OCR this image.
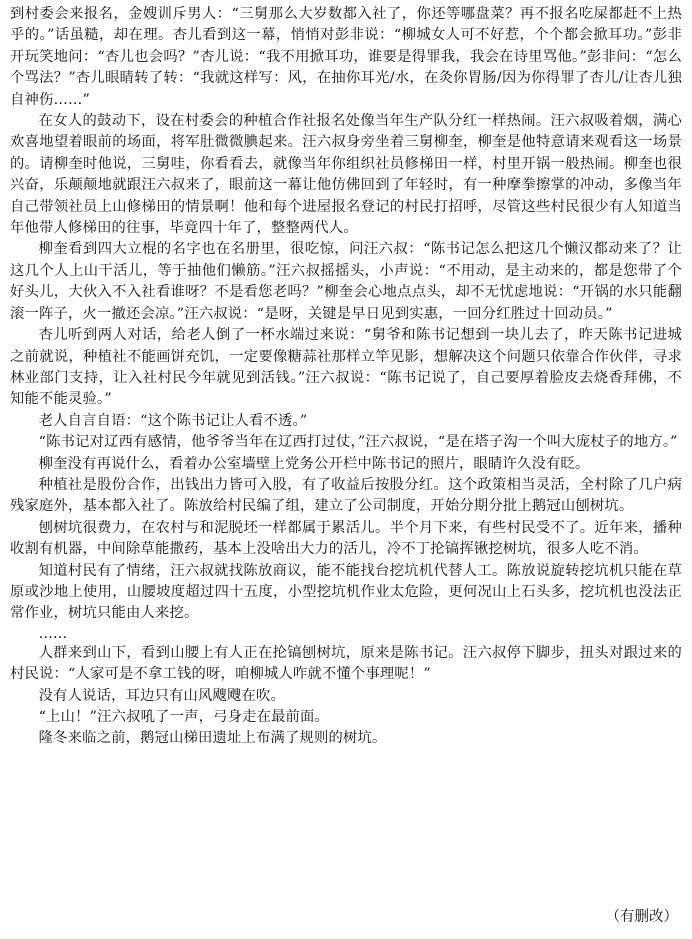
到村委会来报名，金嫂训斥男人：“三舅那么大岁数都入社了，你还等哪盘菜？再不报名吃屎都赶不上热乎的。”话虽糙，却在理。杏儿看到这一幕，悄悄对彭非说：“柳城女人可不好惹，个个都会掀耳功。”彭非开玩笑地问：“杏儿也会吗？”杏儿说：“我不用掀耳功，谁要是得罪我，我会在诗里骂他。”彭非问：“怎么个骂法？”杏儿眼睛转了转：“我就这样写：风，在抽你耳光/水，在灸你胃肠/因为你得罪了杏儿/让杏儿独自神伤……”

在女人的鼓动下，设在村委会的种植合作社报名处像当年生产队分红一样热闹。汪六叔吸着烟，满心欢喜地望着眼前的场面，将军肚微微腆起来。汪六叔身旁坐着三舅柳奎，柳奎是他特意请来观看这一场景的。请柳奎时他说，三舅哇，你看看去，就像当年你组织社员修梯田一样，村里开锅一般热闹。柳奎也很兴奋，乐颠颠地就跟汪六叔来了，眼前这一幕让他仿佛回到了年轻时，有一种摩拳擦掌的冲动，多像当年自己带领社员上山修梯田的情景啊！他和每个进屋报名登记的村民打招呼，尽管这些村民很少有人知道当年他带人修梯田的往事，毕竟四十年了，整整两代人。

柳奎看到四大立棍的名字也在名册里，很吃惊，问汪六叔：“陈书记怎么把这几个懒汉都动来了？让这几个人上山干活儿，等于抽他们懒筋。”汪六叔摇摇头，小声说：“不用动，是主动来的，都是您带了个好头儿，大伙入不入社看谁呀？不是看您老吗？”柳奎会心地点点头，却不无忧虑地说：“开锅的水只能翻滚一阵子，火一撤还会凉。”汪六叔说：“是呀，关键是早日见到实惠，一回分红胜过十回动员。”

杏儿听到两人对话，给老人倒了一杯水端过来说：“舅爷和陈书记想到一块儿去了，昨天陈书记进城之前就说，种植社不能画饼充饥，一定要像糖蒜社那样立竿见影，想解决这个问题只依靠合作伙伴，寻求林业部门支持，让入社村民今年就见到活钱。”汪六叔说：“陈书记说了，自己要厚着脸皮去烧香拜佛，不知能不能灵验。”

老人自言自语：“这个陈书记让人看不透。”

“陈书记对辽西有感情，他爷爷当年在辽西打过仗，”汪六叔说，“是在塔子沟一个叫大庞杖子的地方。”

柳奎没有再说什么，看着办公室墙壁上党务公开栏中陈书记的照片，眼睛许久没有眨。

种植社是股份合作，出钱出力皆可入股，有了收益后按股分红。这个政策相当灵活，全村除了几户病残家庭外，基本都入社了。陈放给村民编了组，建立了公司制度，开始分期分批上鹅冠山刨树坑。

刨树坑很费力，在农村与和泥脱坯一样都属于累活儿。半个月下来，有些村民受不了。近年来，播种收割有机器，中间除草能撒药，基本上没啥出大力的活儿，冷不丁抡镐挥锹挖树坑，很多人吃不消。

知道村民有了情绪，汪六叔就找陈放商议，能不能找台挖坑机代替人工。陈放说旋转挖坑机只能在草原或沙地上使用，山腰坡度超过四十五度，小型挖坑机作业太危险，更何况山上石头多，挖坑机也没法正常作业，树坑只能由人来挖。

……

人群来到山下，看到山腰上有人正在抡镐刨树坑，原来是陈书记。汪六叔停下脚步，扭头对跟过来的村民说：“人家可是不拿工钱的呀，咱柳城人咋就不懂个事理呢！”

没有人说话，耳边只有山风飕飕在吹。

“上山！”汪六叔吼了一声，弓身走在最前面。

隆冬来临之前，鹅冠山梯田遗址上布满了规则的树坑。

（有删改）
